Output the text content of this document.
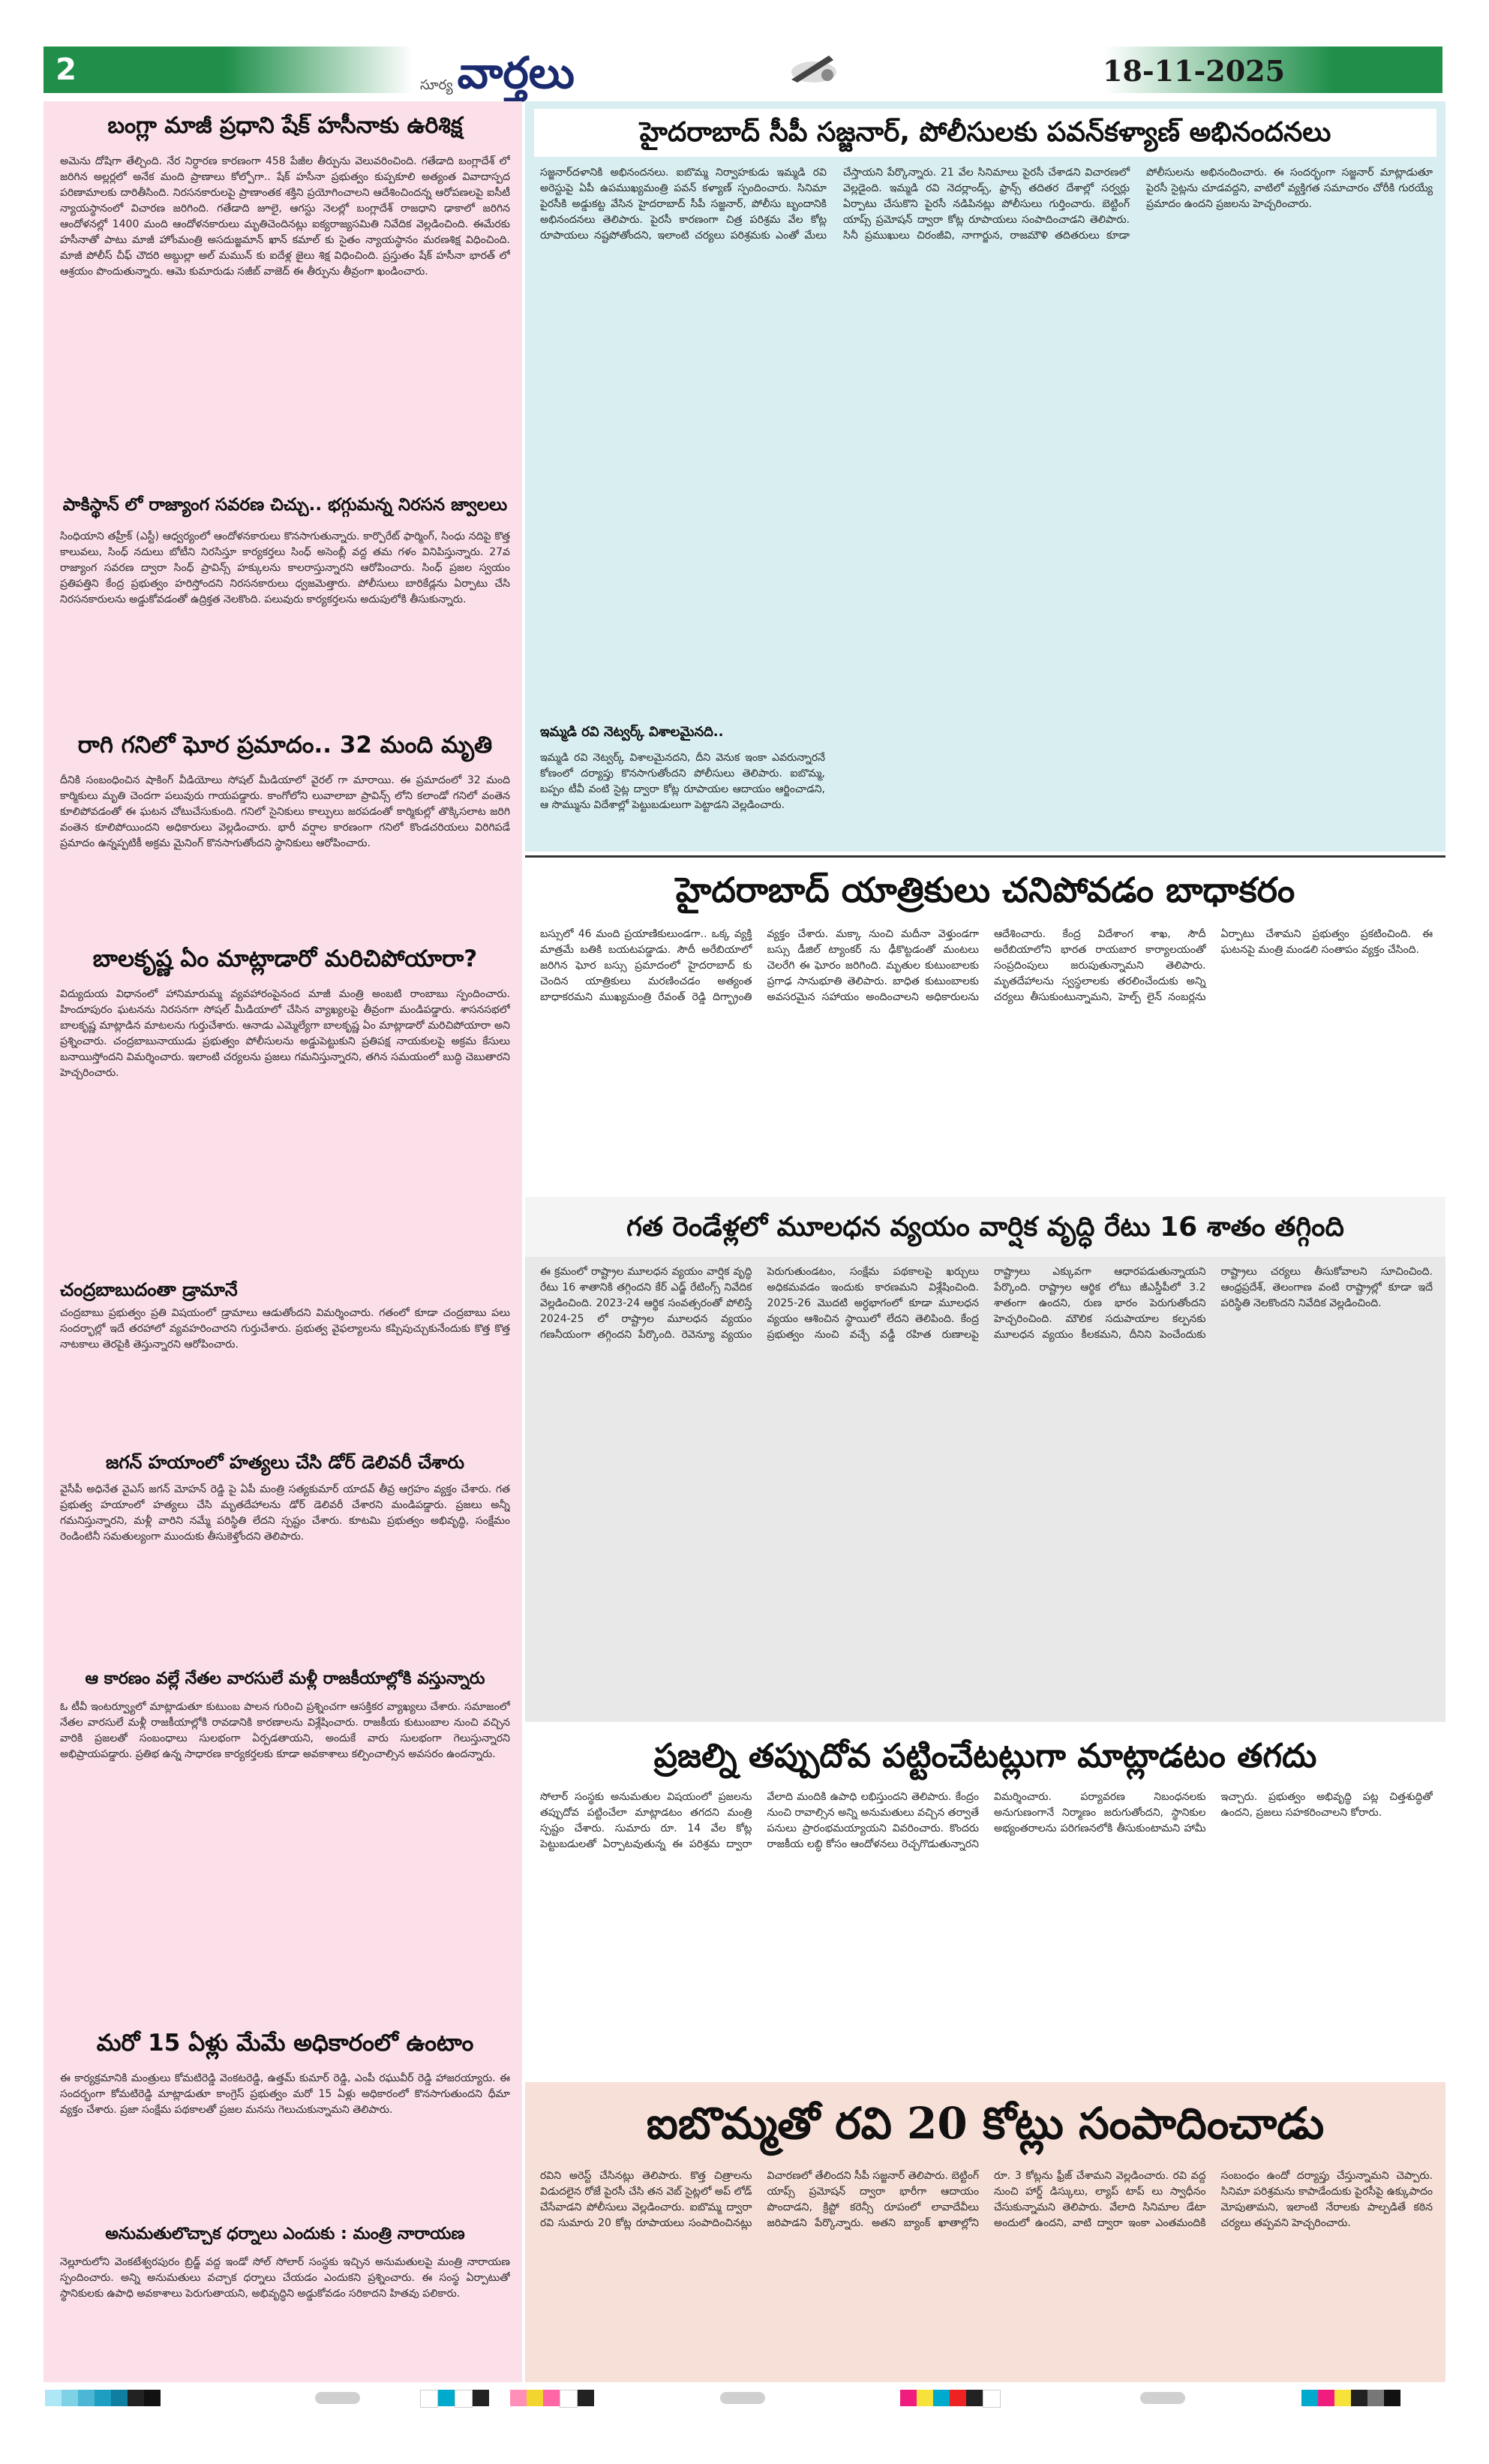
2	సూర్య వార్తలు	18-11-2025
బంగ్లా మాజీ ప్రధాని షేక్ హసీనాకు ఉరిశిక్ష
అమెను దోషిగా తేల్చింది. నేర నిర్ధారణ కారణంగా 458 పేజీల తీర్పును వెలువరించింది. గతేడాది బంగ్లాదేశ్ లో జరిగిన అల్లర్లలో అనేక మంది ప్రాణాలు కోల్పోగా.. షేక్ హసీనా ప్రభుత్వం కుప్పకూలి అత్యంత వివాదాస్పద పరిణామాలకు దారితీసింది. నిరసనకారులపై ప్రాణాంతక శక్తిని ప్రయోగించాలని ఆదేశించిందన్న ఆరోపణలపై ఐసీటీ న్యాయస్థానంలో విచారణ జరిగింది. గతేడాది జూలై, ఆగస్టు నెలల్లో బంగ్లాదేశ్ రాజధాని ఢాకాలో జరిగిన ఆందోళనల్లో 1400 మంది ఆందోళనకారులు మృతిచెందినట్లు ఐక్యరాజ్యసమితి నివేదిక వెల్లడించింది. ఈమేరకు హసీనాతో పాటు మాజీ హోంమంత్రి అసదుజ్జమాన్ ఖాన్ కమాల్ కు సైతం న్యాయస్థానం మరణశిక్ష విధించింది. మాజీ పోలీస్ చీఫ్ చౌదరి అబ్దుల్లా అల్ మమున్ కు ఐదేళ్ల జైలు శిక్ష విధించింది. ప్రస్తుతం షేక్ హసీనా భారత్ లో ఆశ్రయం పొందుతున్నారు. ఆమె కుమారుడు సజీబ్ వాజెద్ ఈ తీర్పును తీవ్రంగా ఖండించారు.
పాకిస్థాన్ లో రాజ్యాంగ సవరణ చిచ్చు.. భగ్గుమన్న నిరసన జ్వాలలు
సింధియాని తహ్రీక్ (ఎస్టీ) ఆధ్వర్యంలో ఆందోళనకారులు కొనసాగుతున్నారు. కార్పొరేట్ ఫార్మింగ్, సింధు నదిపై కొత్త కాలువలు, సింధ్ నదులు బోటీని నిరసిస్తూ కార్యకర్తలు సింధ్ అసెంబ్లీ వద్ద తమ గళం వినిపిస్తున్నారు. 27వ రాజ్యాంగ సవరణ ద్వారా సింధ్ ప్రావిన్స్ హక్కులను కాలరాస్తున్నారని ఆరోపించారు. సింధ్ ప్రజల స్వయం ప్రతిపత్తిని కేంద్ర ప్రభుత్వం హరిస్తోందని నిరసనకారులు ధ్వజమెత్తారు. పోలీసులు బారికేడ్లను ఏర్పాటు చేసి నిరసనకారులను అడ్డుకోవడంతో ఉద్రిక్తత నెలకొంది. పలువురు కార్యకర్తలను అదుపులోకి తీసుకున్నారు.
రాగి గనిలో ఘోర ప్రమాదం.. 32 మంది మృతి
దీనికి సంబంధించిన షాకింగ్ వీడియోలు సోషల్ మీడియాలో వైరల్ గా మారాయి. ఈ ప్రమాదంలో 32 మంది కార్మికులు మృతి చెందగా పలువురు గాయపడ్డారు. కాంగోలోని లువాలాబా ప్రావిన్స్ లోని కలాండో గనిలో వంతెన కూలిపోవడంతో ఈ ఘటన చోటుచేసుకుంది. గనిలో సైనికులు కాల్పులు జరపడంతో కార్మికుల్లో తొక్కిసలాట జరిగి వంతెన కూలిపోయిందని అధికారులు వెల్లడించారు. భారీ వర్షాల కారణంగా గనిలో కొండచరియలు విరిగిపడే ప్రమాదం ఉన్నప్పటికీ అక్రమ మైనింగ్ కొనసాగుతోందని స్థానికులు ఆరోపించారు.
బాలకృష్ణ ఏం మాట్లాడారో మరిచిపోయారా?
విద్యుదుయ విధానంలో హానిమారుమ్మ వ్యవహారంపైనంద మాజీ మంత్రి అంబటి రాంబాబు స్పందించారు. హిందూపురం ఘటనను నిరసనగా సోషల్ మీడియాలో చేసిన వ్యాఖ్యలపై తీవ్రంగా మండిపడ్డారు. శాసనసభలో బాలకృష్ణ మాట్లాడిన మాటలను గుర్తుచేశారు. ఆనాడు ఎమ్మెల్యేగా బాలకృష్ణ ఏం మాట్లాడారో మరిచిపోయారా అని ప్రశ్నించారు. చంద్రబాబునాయుడు ప్రభుత్వం పోలీసులను అడ్డుపెట్టుకుని ప్రతిపక్ష నాయకులపై అక్రమ కేసులు బనాయిస్తోందని విమర్శించారు. ఇలాంటి చర్యలను ప్రజలు గమనిస్తున్నారని, తగిన సమయంలో బుద్ధి చెబుతారని హెచ్చరించారు.
చంద్రబాబుదంతా డ్రామానే
చంద్రబాబు ప్రభుత్వం ప్రతి విషయంలో డ్రామాలు ఆడుతోందని విమర్శించారు. గతంలో కూడా చంద్రబాబు పలు సందర్భాల్లో ఇదే తరహాలో వ్యవహరించారని గుర్తుచేశారు. ప్రభుత్వ వైఫల్యాలను కప్పిపుచ్చుకునేందుకు కొత్త కొత్త నాటకాలు తెరపైకి తెస్తున్నారని ఆరోపించారు.
జగన్ హయాంలో హత్యలు చేసి డోర్ డెలివరీ చేశారు
వైసీపీ అధినేత వైఎస్ జగన్ మోహన్ రెడ్డి పై ఏపీ మంత్రి సత్యకుమార్ యాదవ్ తీవ్ర ఆగ్రహం వ్యక్తం చేశారు. గత ప్రభుత్వ హయాంలో హత్యలు చేసి మృతదేహాలను డోర్ డెలివరీ చేశారని మండిపడ్డారు. ప్రజలు అన్నీ గమనిస్తున్నారని, మళ్లీ వారిని నమ్మే పరిస్థితి లేదని స్పష్టం చేశారు. కూటమి ప్రభుత్వం అభివృద్ధి, సంక్షేమం రెండింటినీ సమతుల్యంగా ముందుకు తీసుకెళ్తోందని తెలిపారు.
ఆ కారణం వల్లే నేతల వారసులే మళ్లీ రాజకీయాల్లోకి వస్తున్నారు
ఓ టీవీ ఇంటర్వ్యూలో మాట్లాడుతూ కుటుంబ పాలన గురించి ప్రశ్నించగా ఆసక్తికర వ్యాఖ్యలు చేశారు. సమాజంలో నేతల వారసులే మళ్లీ రాజకీయాల్లోకి రావడానికి కారణాలను విశ్లేషించారు. రాజకీయ కుటుంబాల నుంచి వచ్చిన వారికి ప్రజలతో సంబంధాలు సులభంగా ఏర్పడతాయని, అందుకే వారు సులభంగా గెలుస్తున్నారని అభిప్రాయపడ్డారు. ప్రతిభ ఉన్న సాధారణ కార్యకర్తలకు కూడా అవకాశాలు కల్పించాల్సిన అవసరం ఉందన్నారు.
మరో 15 ఏళ్లు మేమే అధికారంలో ఉంటాం
ఈ కార్యక్రమానికి మంత్రులు కోమటిరెడ్డి వెంకటరెడ్డి, ఉత్తమ్ కుమార్ రెడ్డి, ఎంపీ రఘువీర్ రెడ్డి హాజరయ్యారు. ఈ సందర్భంగా కోమటిరెడ్డి మాట్లాడుతూ కాంగ్రెస్ ప్రభుత్వం మరో 15 ఏళ్లు అధికారంలో కొనసాగుతుందని ధీమా వ్యక్తం చేశారు. ప్రజా సంక్షేమ పథకాలతో ప్రజల మనసు గెలుచుకున్నామని తెలిపారు.
అనుమతులొచ్చాక ధర్నాలు ఎందుకు : మంత్రి నారాయణ
నెల్లూరులోని వెంకటేశ్వరపురం బ్రిడ్జ్ వద్ద ఇండో సోల్ సోలార్ సంస్థకు ఇచ్చిన అనుమతులపై మంత్రి నారాయణ స్పందించారు. అన్ని అనుమతులు వచ్చాక ధర్నాలు చేయడం ఎందుకని ప్రశ్నించారు. ఈ సంస్థ ఏర్పాటుతో స్థానికులకు ఉపాధి అవకాశాలు పెరుగుతాయని, అభివృద్ధిని అడ్డుకోవడం సరికాదని హితవు పలికారు.
హైదరాబాద్ సీపీ సజ్జనార్, పోలీసులకు పవన్‌కళ్యాణ్ అభినందనలు
సజ్జనార్‌దళానికి అభినందనలు. ఐబొమ్మ నిర్వాహకుడు ఇమ్మడి రవి అరెస్టుపై ఏపీ ఉపముఖ్యమంత్రి పవన్ కళ్యాణ్ స్పందించారు. సినిమా పైరసీకి అడ్డుకట్ట వేసిన హైదరాబాద్ సీపీ సజ్జనార్, పోలీసు బృందానికి అభినందనలు తెలిపారు. పైరసీ కారణంగా చిత్ర పరిశ్రమ వేల కోట్ల రూపాయలు నష్టపోతోందని, ఇలాంటి చర్యలు పరిశ్రమకు ఎంతో మేలు చేస్తాయని పేర్కొన్నారు. 21 వేల సినిమాలు పైరసీ చేశాడని విచారణలో వెల్లడైంది. ఇమ్మడి రవి నెదర్లాండ్స్, ఫ్రాన్స్ తదితర దేశాల్లో సర్వర్లు ఏర్పాటు చేసుకొని పైరసీ నడిపినట్లు పోలీసులు గుర్తించారు. బెట్టింగ్ యాప్స్ ప్రమోషన్ ద్వారా కోట్ల రూపాయలు సంపాదించాడని తెలిపారు. సినీ ప్రముఖులు చిరంజీవి, నాగార్జున, రాజమౌళి తదితరులు కూడా పోలీసులను అభినందించారు. ఈ సందర్భంగా సజ్జనార్ మాట్లాడుతూ పైరసీ సైట్లను చూడవద్దని, వాటిలో వ్యక్తిగత సమాచారం చోరీకి గురయ్యే ప్రమాదం ఉందని ప్రజలను హెచ్చరించారు.
ఇమ్మడి రవి నెట్వర్క్ విశాలమైనది..
ఇమ్మడి రవి నెట్వర్క్ విశాలమైనదని, దీని వెనుక ఇంకా ఎవరున్నారనే కోణంలో దర్యాప్తు కొనసాగుతోందని పోలీసులు తెలిపారు. ఐబొమ్మ, బప్పం టీవీ వంటి సైట్ల ద్వారా కోట్ల రూపాయల ఆదాయం ఆర్జించాడని, ఆ సొమ్మును విదేశాల్లో పెట్టుబడులుగా పెట్టాడని వెల్లడించారు.
హైదరాబాద్ యాత్రికులు చనిపోవడం బాధాకరం
బస్సులో 46 మంది ప్రయాణికులుండగా.. ఒక్క వ్యక్తి మాత్రమే బతికి బయటపడ్డాడు. సౌదీ అరేబియాలో జరిగిన ఘోర బస్సు ప్రమాదంలో హైదరాబాద్ కు చెందిన యాత్రికులు మరణించడం అత్యంత బాధాకరమని ముఖ్యమంత్రి రేవంత్ రెడ్డి దిగ్భ్రాంతి వ్యక్తం చేశారు. మక్కా నుంచి మదీనా వెళ్తుండగా బస్సు డీజిల్ ట్యాంకర్ ను ఢీకొట్టడంతో మంటలు చెలరేగి ఈ ఘోరం జరిగింది. మృతుల కుటుంబాలకు ప్రగాఢ సానుభూతి తెలిపారు. బాధిత కుటుంబాలకు అవసరమైన సహాయం అందించాలని అధికారులను ఆదేశించారు. కేంద్ర విదేశాంగ శాఖ, సౌదీ అరేబియాలోని భారత రాయబార కార్యాలయంతో సంప్రదింపులు జరుపుతున్నామని తెలిపారు. మృతదేహాలను స్వస్థలాలకు తరలించేందుకు అన్ని చర్యలు తీసుకుంటున్నామని, హెల్ప్ లైన్ నంబర్లను ఏర్పాటు చేశామని ప్రభుత్వం ప్రకటించింది. ఈ ఘటనపై మంత్రి మండలి సంతాపం వ్యక్తం చేసింది.
గత రెండేళ్లలో మూలధన వ్యయం వార్షిక వృద్ధి రేటు 16 శాతం తగ్గింది
ఈ క్రమంలో రాష్ట్రాల మూలధన వ్యయం వార్షిక వృద్ధి రేటు 16 శాతానికి తగ్గిందని కేర్ ఎడ్జ్ రేటింగ్స్ నివేదిక వెల్లడించింది. 2023-24 ఆర్థిక సంవత్సరంతో పోలిస్తే 2024-25 లో రాష్ట్రాల మూలధన వ్యయం గణనీయంగా తగ్గిందని పేర్కొంది. రెవెన్యూ వ్యయం పెరుగుతుండటం, సంక్షేమ పథకాలపై ఖర్చులు అధికమవడం ఇందుకు కారణమని విశ్లేషించింది. 2025-26 మొదటి అర్ధభాగంలో కూడా మూలధన వ్యయం ఆశించిన స్థాయిలో లేదని తెలిపింది. కేంద్ర ప్రభుత్వం నుంచి వచ్చే వడ్డీ రహిత రుణాలపై రాష్ట్రాలు ఎక్కువగా ఆధారపడుతున్నాయని పేర్కొంది. రాష్ట్రాల ఆర్థిక లోటు జీఎస్డీపీలో 3.2 శాతంగా ఉందని, రుణ భారం పెరుగుతోందని హెచ్చరించింది. మౌలిక సదుపాయాల కల్పనకు మూలధన వ్యయం కీలకమని, దీనిని పెంచేందుకు రాష్ట్రాలు చర్యలు తీసుకోవాలని సూచించింది. ఆంధ్రప్రదేశ్, తెలంగాణ వంటి రాష్ట్రాల్లో కూడా ఇదే పరిస్థితి నెలకొందని నివేదిక వెల్లడించింది.
ప్రజల్ని తప్పుదోవ పట్టించేటట్లుగా మాట్లాడటం తగదు
సోలార్ సంస్థకు అనుమతుల విషయంలో ప్రజలను తప్పుదోవ పట్టించేలా మాట్లాడటం తగదని మంత్రి స్పష్టం చేశారు. సుమారు రూ. 14 వేల కోట్ల పెట్టుబడులతో ఏర్పాటవుతున్న ఈ పరిశ్రమ ద్వారా వేలాది మందికి ఉపాధి లభిస్తుందని తెలిపారు. కేంద్రం నుంచి రావాల్సిన అన్ని అనుమతులు వచ్చిన తర్వాతే పనులు ప్రారంభమయ్యాయని వివరించారు. కొందరు రాజకీయ లబ్ధి కోసం ఆందోళనలు రెచ్చగొడుతున్నారని విమర్శించారు. పర్యావరణ నిబంధనలకు అనుగుణంగానే నిర్మాణం జరుగుతోందని, స్థానికుల అభ్యంతరాలను పరిగణనలోకి తీసుకుంటామని హామీ ఇచ్చారు. ప్రభుత్వం అభివృద్ధి పట్ల చిత్తశుద్ధితో ఉందని, ప్రజలు సహకరించాలని కోరారు.
ఐబొమ్మతో రవి 20 కోట్లు సంపాదించాడు
రవిని అరెస్ట్ చేసినట్లు తెలిపారు. కొత్త చిత్రాలను విడుదలైన రోజే పైరసీ చేసి తన వెబ్ సైట్లలో అప్ లోడ్ చేసేవాడని పోలీసులు వెల్లడించారు. ఐబొమ్మ ద్వారా రవి సుమారు 20 కోట్ల రూపాయలు సంపాదించినట్లు విచారణలో తేలిందని సీపీ సజ్జనార్ తెలిపారు. బెట్టింగ్ యాప్స్ ప్రమోషన్ ద్వారా భారీగా ఆదాయం పొందాడని, క్రిప్టో కరెన్సీ రూపంలో లావాదేవీలు జరిపాడని పేర్కొన్నారు. అతని బ్యాంక్ ఖాతాల్లోని రూ. 3 కోట్లను ఫ్రీజ్ చేశామని వెల్లడించారు. రవి వద్ద నుంచి హార్డ్ డిస్కులు, ల్యాప్ టాప్ లు స్వాధీనం చేసుకున్నామని తెలిపారు. వేలాది సినిమాల డేటా అందులో ఉందని, వాటి ద్వారా ఇంకా ఎంతమందికి సంబంధం ఉందో దర్యాప్తు చేస్తున్నామని చెప్పారు. సినిమా పరిశ్రమను కాపాడేందుకు పైరసీపై ఉక్కుపాదం మోపుతామని, ఇలాంటి నేరాలకు పాల్పడితే కఠిన చర్యలు తప్పవని హెచ్చరించారు.
